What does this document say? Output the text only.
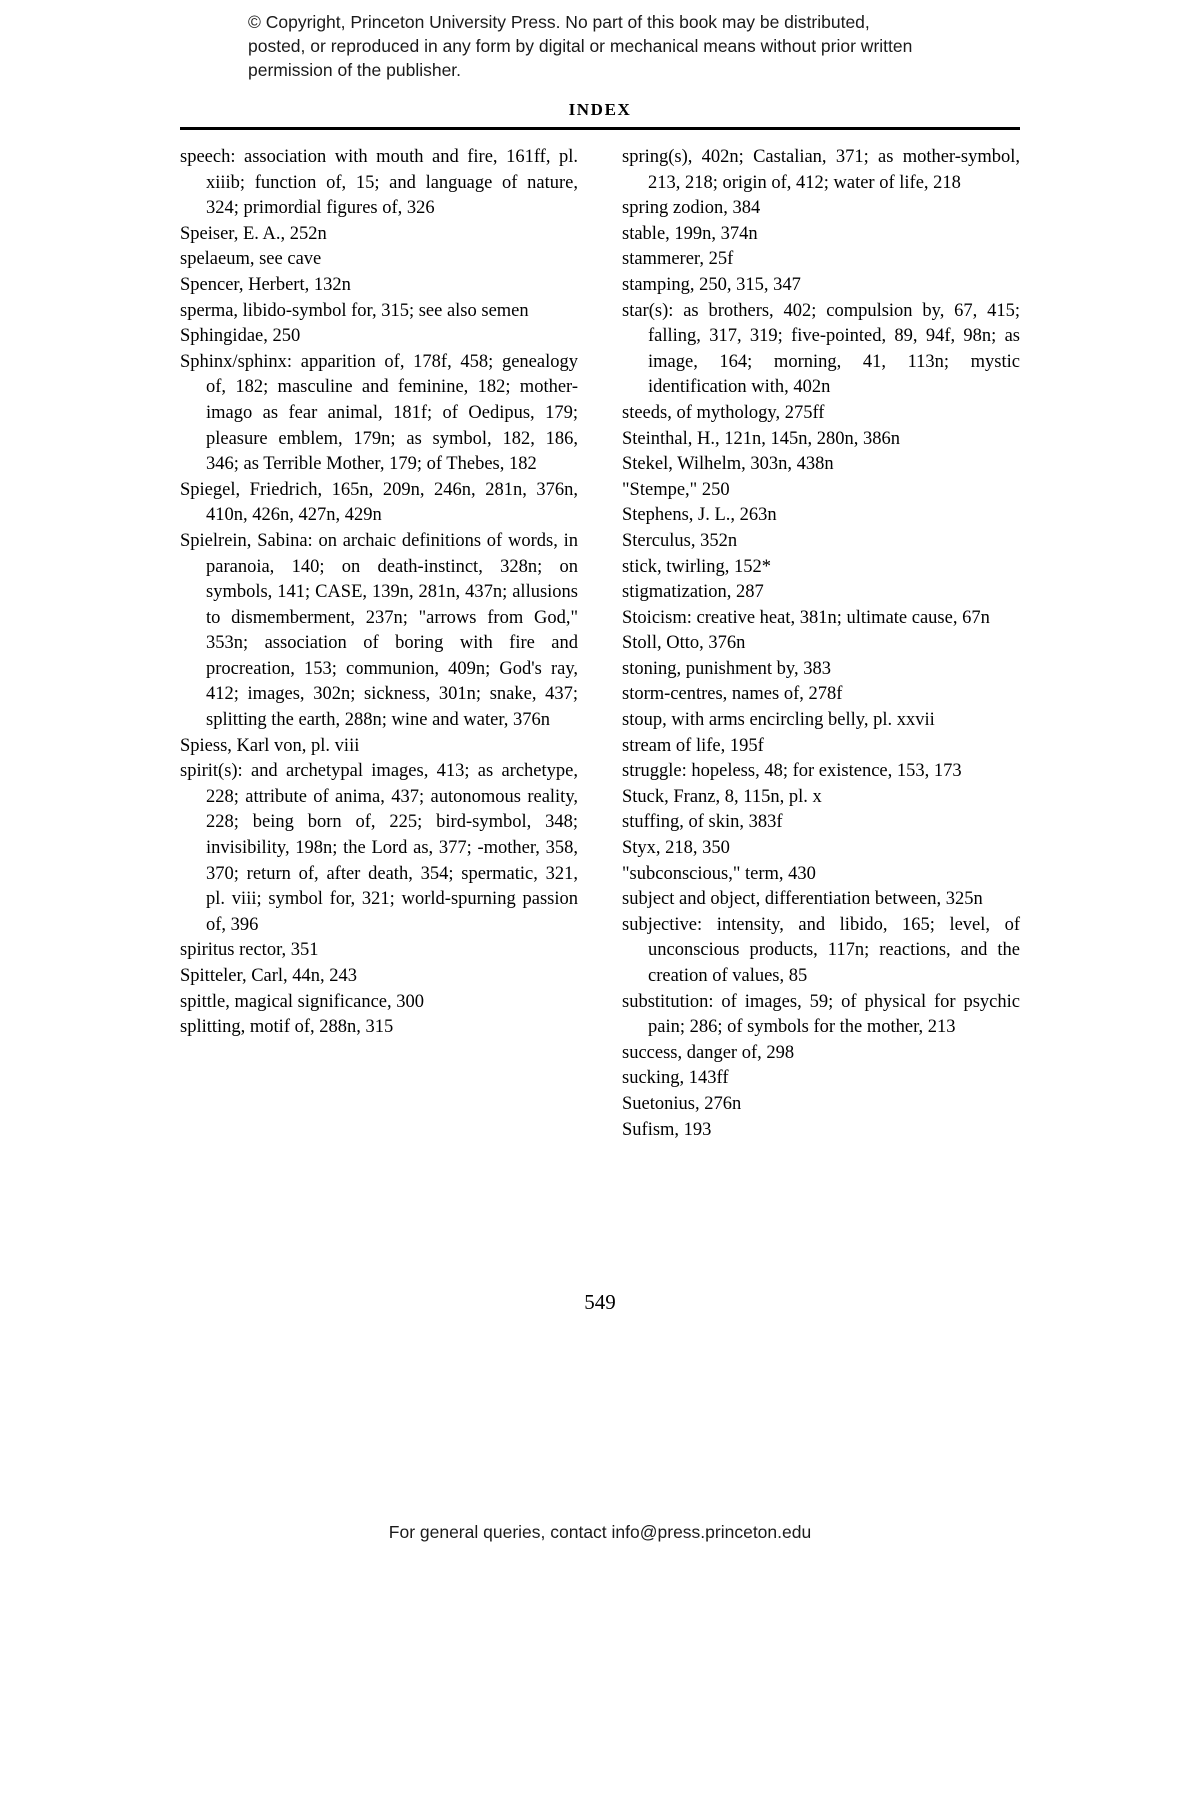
© Copyright, Princeton University Press. No part of this book may be distributed, posted, or reproduced in any form by digital or mechanical means without prior written permission of the publisher.
INDEX

speech: association with mouth and fire, 161ff, pl. xiiib; function of, 15; and language of nature, 324; primordial figures of, 326

Speiser, E. A., 252n

spelaeum, see cave

Spencer, Herbert, 132n

sperma, libido-symbol for, 315; see also semen

Sphingidae, 250

Sphinx/sphinx: apparition of, 178f, 458; genealogy of, 182; masculine and feminine, 182; mother-imago as fear animal, 181f; of Oedipus, 179; pleasure emblem, 179n; as symbol, 182, 186, 346; as Terrible Mother, 179; of Thebes, 182

Spiegel, Friedrich, 165n, 209n, 246n, 281n, 376n, 410n, 426n, 427n, 429n

Spielrein, Sabina: on archaic definitions of words, in paranoia, 140; on death-instinct, 328n; on symbols, 141; CASE, 139n, 281n, 437n; allusions to dismemberment, 237n; "arrows from God," 353n; association of boring with fire and procreation, 153; communion, 409n; God's ray, 412; images, 302n; sickness, 301n; snake, 437; splitting the earth, 288n; wine and water, 376n

Spiess, Karl von, pl. viii

spirit(s): and archetypal images, 413; as archetype, 228; attribute of anima, 437; autonomous reality, 228; being born of, 225; bird-symbol, 348; invisibility, 198n; the Lord as, 377; -mother, 358, 370; return of, after death, 354; spermatic, 321, pl. viii; symbol for, 321; world-spurning passion of, 396

spiritus rector, 351

Spitteler, Carl, 44n, 243

spittle, magical significance, 300

splitting, motif of, 288n, 315

spring(s), 402n; Castalian, 371; as mother-symbol, 213, 218; origin of, 412; water of life, 218

spring zodion, 384

stable, 199n, 374n

stammerer, 25f

stamping, 250, 315, 347

star(s): as brothers, 402; compulsion by, 67, 415; falling, 317, 319; five-pointed, 89, 94f, 98n; as image, 164; morning, 41, 113n; mystic identification with, 402n

steeds, of mythology, 275ff

Steinthal, H., 121n, 145n, 280n, 386n

Stekel, Wilhelm, 303n, 438n

"Stempe," 250

Stephens, J. L., 263n

Sterculus, 352n

stick, twirling, 152*

stigmatization, 287

Stoicism: creative heat, 381n; ultimate cause, 67n

Stoll, Otto, 376n

stoning, punishment by, 383

storm-centres, names of, 278f

stoup, with arms encircling belly, pl. xxvii

stream of life, 195f

struggle: hopeless, 48; for existence, 153, 173

Stuck, Franz, 8, 115n, pl. x

stuffing, of skin, 383f

Styx, 218, 350

"subconscious," term, 430

subject and object, differentiation between, 325n

subjective: intensity, and libido, 165; level, of unconscious products, 117n; reactions, and the creation of values, 85

substitution: of images, 59; of physical for psychic pain; 286; of symbols for the mother, 213

success, danger of, 298

sucking, 143ff

Suetonius, 276n

Sufism, 193

549
For general queries, contact info@press.princeton.edu
